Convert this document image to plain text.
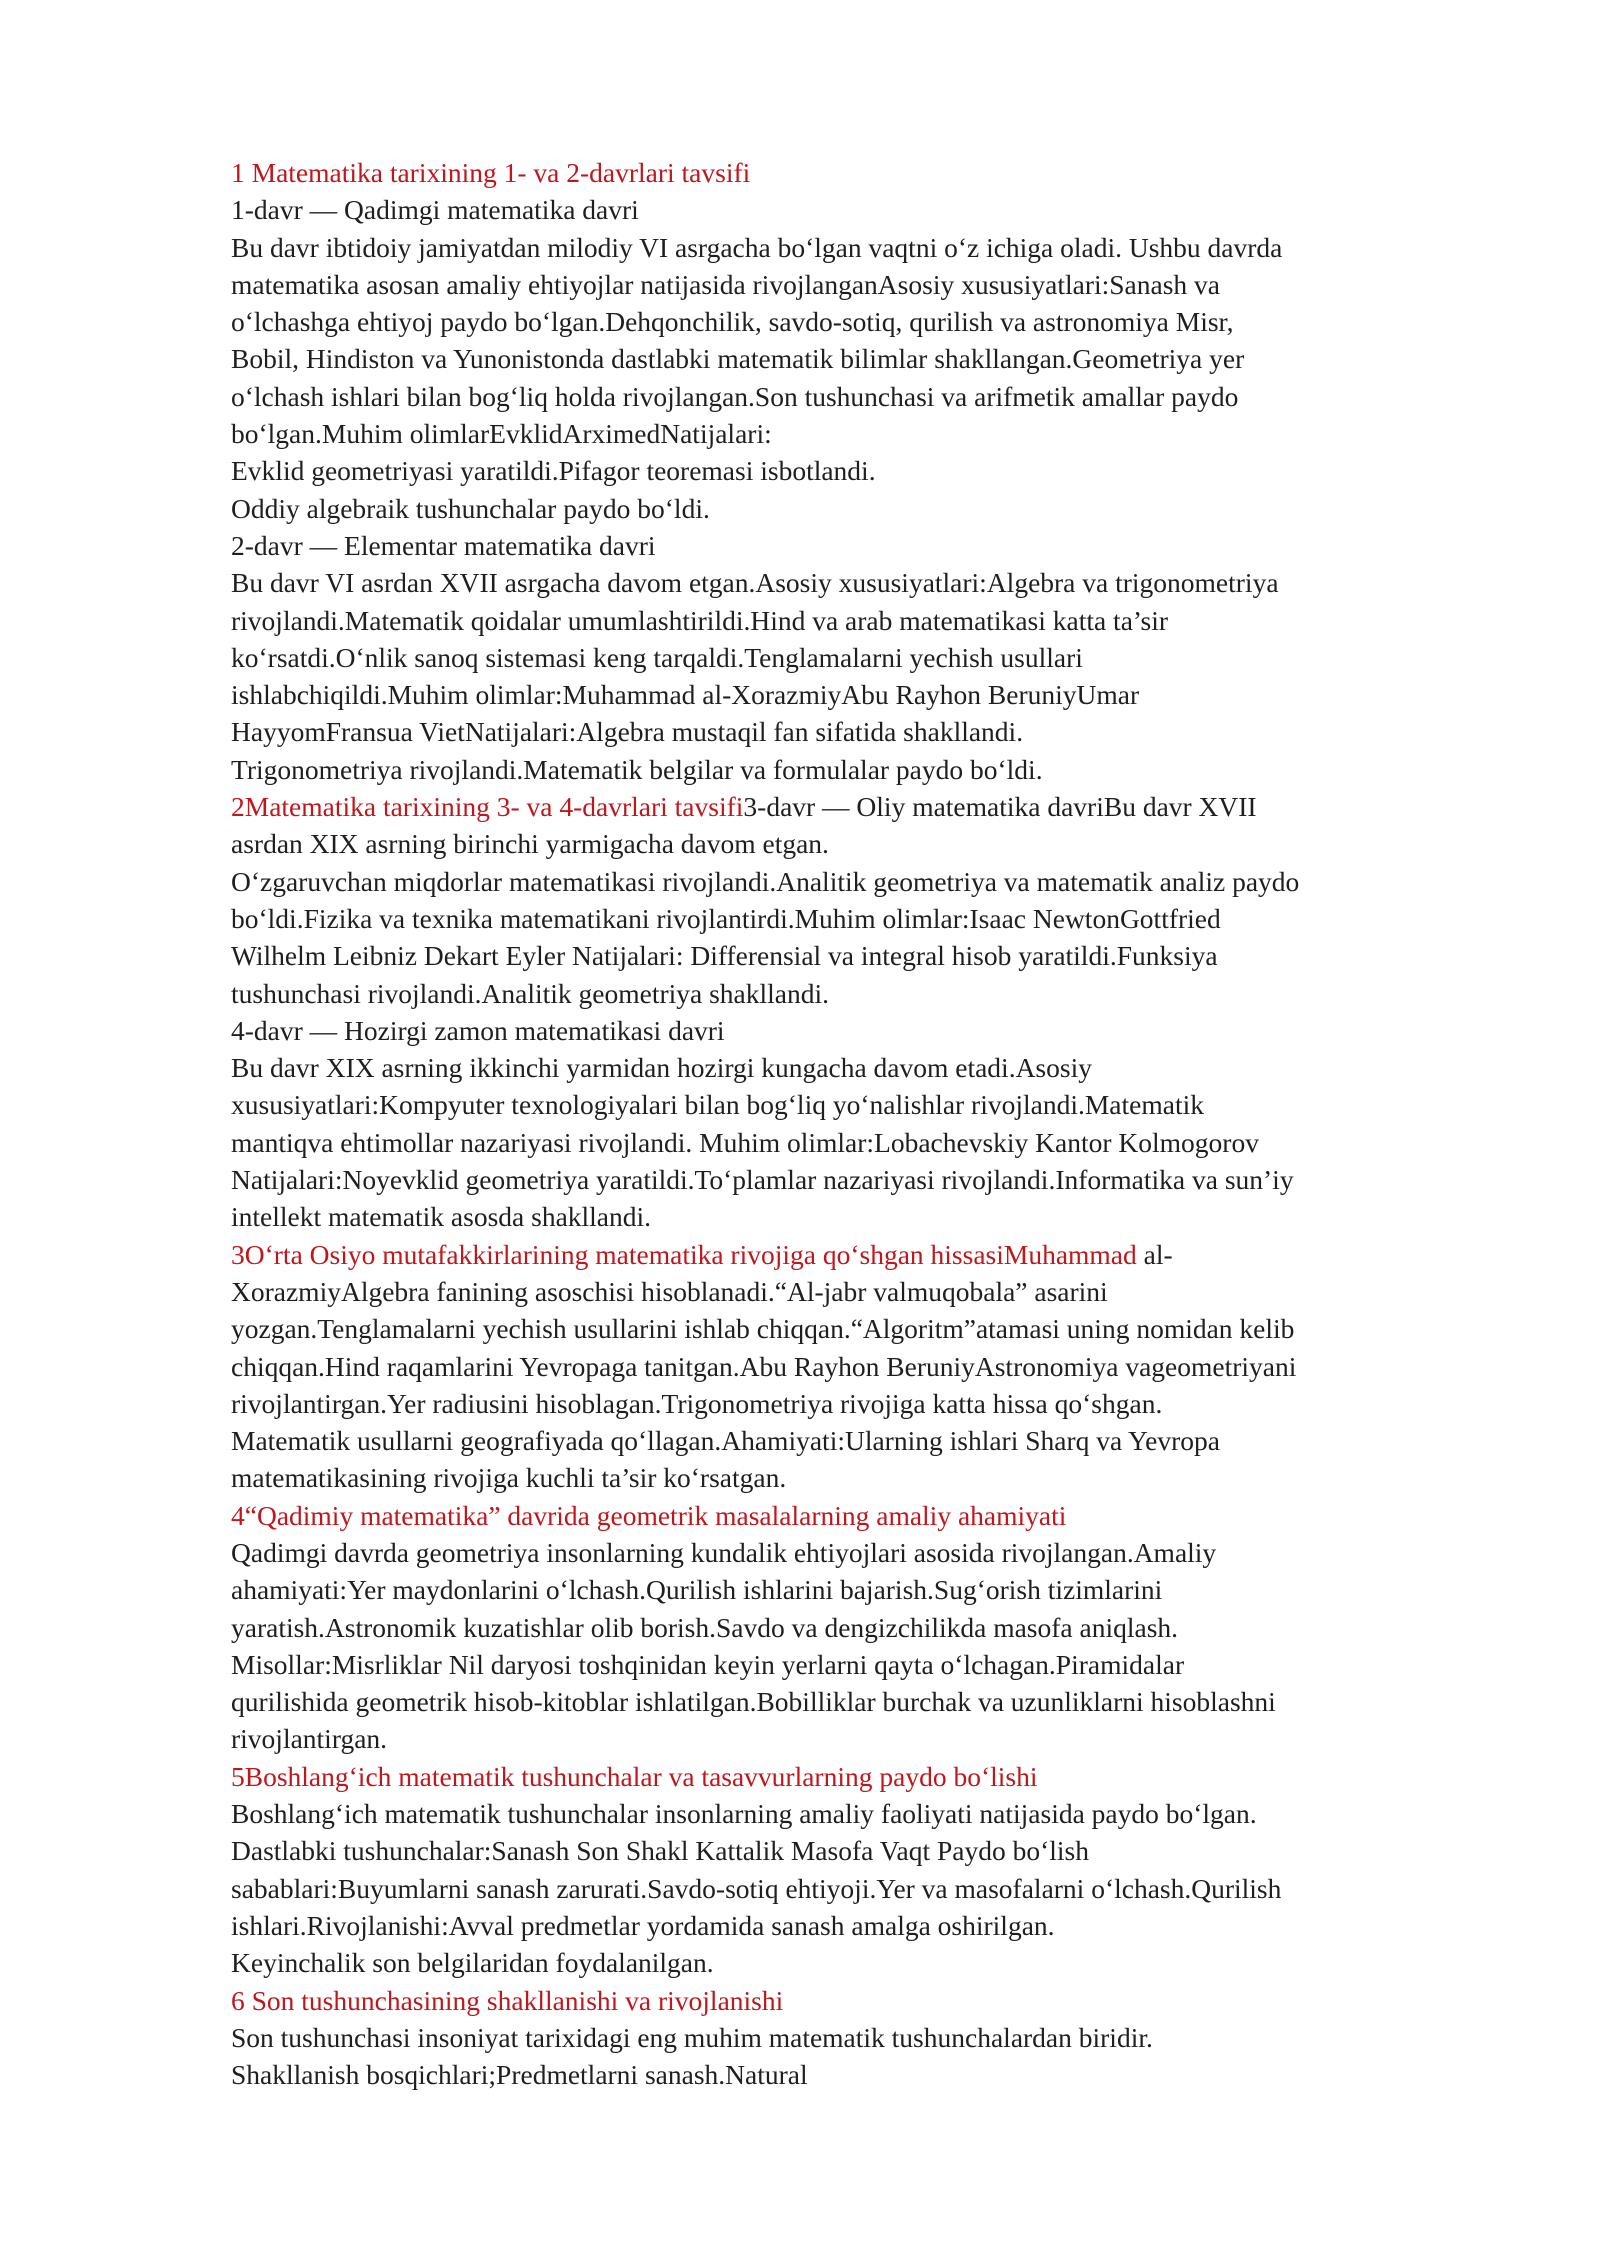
1 Matematika tarixining 1- va 2-davrlari tavsifi
1-davr — Qadimgi matematika davri
Bu davr ibtidoiy jamiyatdan milodiy VI asrgacha boʻlgan vaqtni oʻz ichiga oladi. Ushbu davrda
matematika asosan amaliy ehtiyojlar natijasida rivojlanganAsosiy xususiyatlari:Sanash va
oʻlchashga ehtiyoj paydo boʻlgan.Dehqonchilik, savdo-sotiq, qurilish va astronomiya Misr,
Bobil, Hindiston va Yunonistonda dastlabki matematik bilimlar shakllangan.Geometriya yer
oʻlchash ishlari bilan bogʻliq holda rivojlangan.Son tushunchasi va arifmetik amallar paydo
boʻlgan.Muhim olimlarEvklidArximedNatijalari:
Evklid geometriyasi yaratildi.Pifagor teoremasi isbotlandi.
Oddiy algebraik tushunchalar paydo boʻldi.
2-davr — Elementar matematika davri
Bu davr VI asrdan XVII asrgacha davom etgan.Asosiy xususiyatlari:Algebra va trigonometriya
rivojlandi.Matematik qoidalar umumlashtirildi.Hind va arab matematikasi katta ta’sir
koʻrsatdi.Oʻnlik sanoq sistemasi keng tarqaldi.Tenglamalarni yechish usullari
ishlabchiqildi.Muhim olimlar:Muhammad al-XorazmiyAbu Rayhon BeruniyUmar
HayyomFransua VietNatijalari:Algebra mustaqil fan sifatida shakllandi.
Trigonometriya rivojlandi.Matematik belgilar va formulalar paydo boʻldi.
2Matematika tarixining 3- va 4-davrlari tavsifi3-davr — Oliy matematika davriBu davr XVII
asrdan XIX asrning birinchi yarmigacha davom etgan.
Oʻzgaruvchan miqdorlar matematikasi rivojlandi.Analitik geometriya va matematik analiz paydo
boʻldi.Fizika va texnika matematikani rivojlantirdi.Muhim olimlar:Isaac NewtonGottfried
Wilhelm Leibniz Dekart Eyler Natijalari: Differensial va integral hisob yaratildi.Funksiya
tushunchasi rivojlandi.Analitik geometriya shakllandi.
4-davr — Hozirgi zamon matematikasi davri
Bu davr XIX asrning ikkinchi yarmidan hozirgi kungacha davom etadi.Asosiy
xususiyatlari:Kompyuter texnologiyalari bilan bogʻliq yoʻnalishlar rivojlandi.Matematik
mantiqva ehtimollar nazariyasi rivojlandi. Muhim olimlar:Lobachevskiy Kantor Kolmogorov
Natijalari:Noyevklid geometriya yaratildi.Toʻplamlar nazariyasi rivojlandi.Informatika va sun’iy
intellekt matematik asosda shakllandi.
3Oʻrta Osiyo mutafakkirlarining matematika rivojiga qoʻshgan hissasiMuhammad al-
XorazmiyAlgebra fanining asoschisi hisoblanadi.“Al-jabr valmuqobala” asarini
yozgan.Tenglamalarni yechish usullarini ishlab chiqqan.“Algoritm”atamasi uning nomidan kelib
chiqqan.Hind raqamlarini Yevropaga tanitgan.Abu Rayhon BeruniyAstronomiya vageometriyani
rivojlantirgan.Yer radiusini hisoblagan.Trigonometriya rivojiga katta hissa qoʻshgan.
Matematik usullarni geografiyada qoʻllagan.Ahamiyati:Ularning ishlari Sharq va Yevropa
matematikasining rivojiga kuchli ta’sir koʻrsatgan.
4“Qadimiy matematika” davrida geometrik masalalarning amaliy ahamiyati
Qadimgi davrda geometriya insonlarning kundalik ehtiyojlari asosida rivojlangan.Amaliy
ahamiyati:Yer maydonlarini oʻlchash.Qurilish ishlarini bajarish.Sugʻorish tizimlarini
yaratish.Astronomik kuzatishlar olib borish.Savdo va dengizchilikda masofa aniqlash.
Misollar:Misrliklar Nil daryosi toshqinidan keyin yerlarni qayta oʻlchagan.Piramidalar
qurilishida geometrik hisob-kitoblar ishlatilgan.Bobilliklar burchak va uzunliklarni hisoblashni
rivojlantirgan.
5Boshlangʻich matematik tushunchalar va tasavvurlarning paydo boʻlishi
Boshlangʻich matematik tushunchalar insonlarning amaliy faoliyati natijasida paydo boʻlgan.
Dastlabki tushunchalar:Sanash Son Shakl Kattalik Masofa Vaqt Paydo boʻlish
sabablari:Buyumlarni sanash zarurati.Savdo-sotiq ehtiyoji.Yer va masofalarni oʻlchash.Qurilish
ishlari.Rivojlanishi:Avval predmetlar yordamida sanash amalga oshirilgan.
Keyinchalik son belgilaridan foydalanilgan.
6 Son tushunchasining shakllanishi va rivojlanishi
Son tushunchasi insoniyat tarixidagi eng muhim matematik tushunchalardan biridir.
Shakllanish bosqichlari;Predmetlarni sanash.Natural
